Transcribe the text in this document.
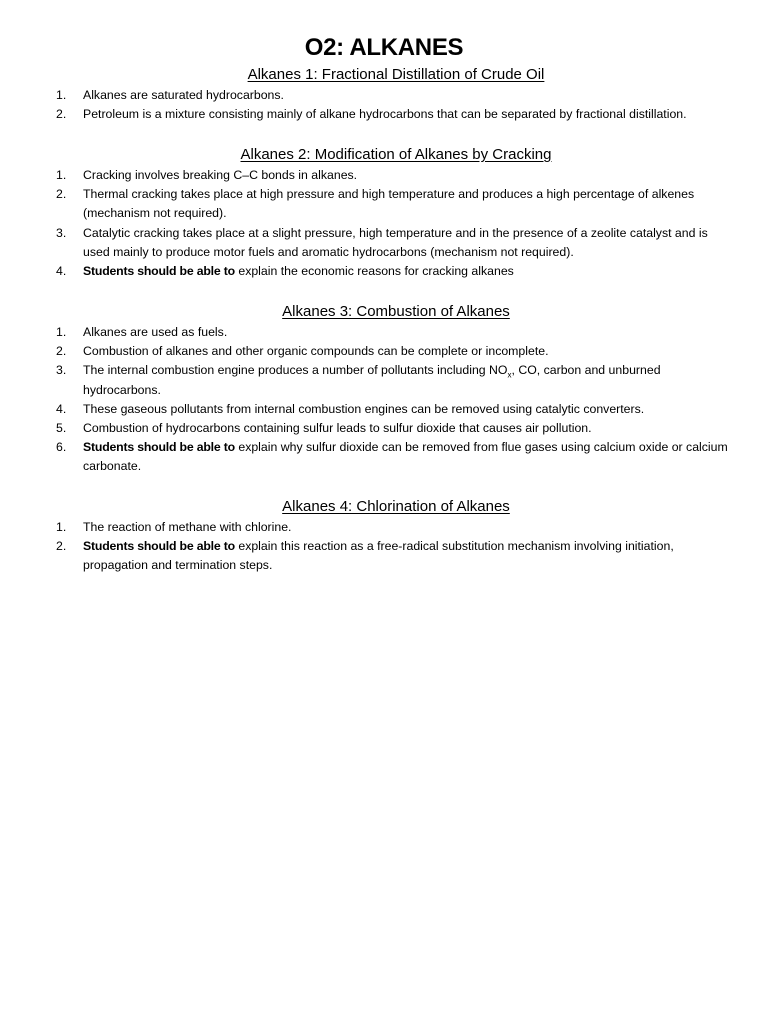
O2: ALKANES
Alkanes 1: Fractional Distillation of Crude Oil
1.	Alkanes are saturated hydrocarbons.
2.	Petroleum is a mixture consisting mainly of alkane hydrocarbons that can be separated by fractional distillation.
Alkanes 2: Modification of Alkanes by Cracking
1.	Cracking involves breaking C–C bonds in alkanes.
2.	Thermal cracking takes place at high pressure and high temperature and produces a high percentage of alkenes (mechanism not required).
3.	Catalytic cracking takes place at a slight pressure, high temperature and in the presence of a zeolite catalyst and is used mainly to produce motor fuels and aromatic hydrocarbons (mechanism not required).
4.	Students should be able to explain the economic reasons for cracking alkanes
Alkanes 3: Combustion of Alkanes
1.	Alkanes are used as fuels.
2.	Combustion of alkanes and other organic compounds can be complete or incomplete.
3.	The internal combustion engine produces a number of pollutants including $NO_x$, CO, carbon and unburned hydrocarbons.
4.	These gaseous pollutants from internal combustion engines can be removed using catalytic converters.
5.	Combustion of hydrocarbons containing sulfur leads to sulfur dioxide that causes air pollution.
6.	Students should be able to explain why sulfur dioxide can be removed from flue gases using calcium oxide or calcium carbonate.
Alkanes 4: Chlorination of Alkanes
1.	The reaction of methane with chlorine.
2.	Students should be able to explain this reaction as a free-radical substitution mechanism involving initiation, propagation and termination steps.
